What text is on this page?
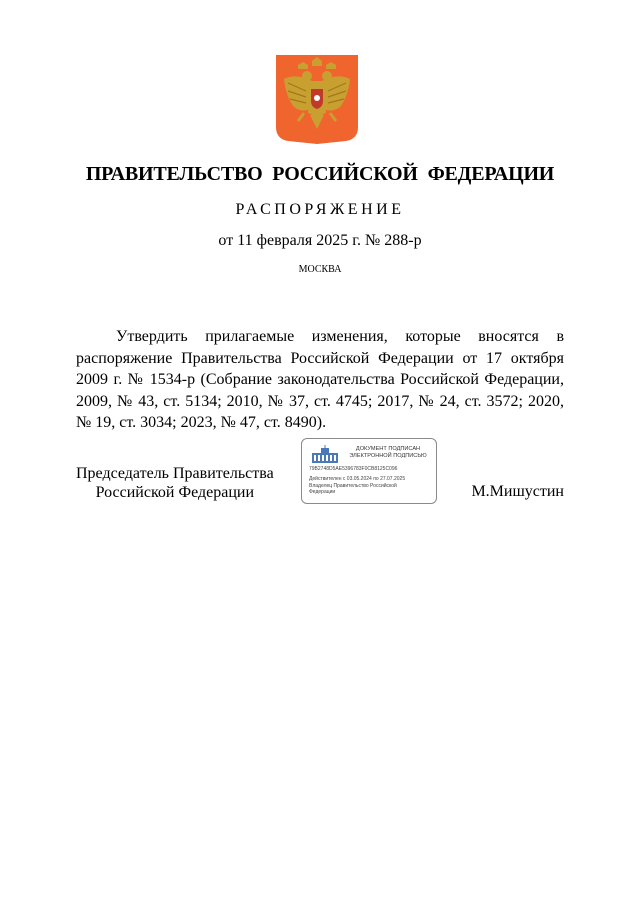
ПРАВИТЕЛЬСТВО РОССИЙСКОЙ ФЕДЕРАЦИИ
РАСПОРЯЖЕНИЕ
от 11 февраля 2025 г. № 288-р
МОСКВА
Утвердить прилагаемые изменения, которые вносятся в распоряжение Правительства Российской Федерации от 17 октября 2009 г. № 1534-р (Собрание законодательства Российской Федерации, 2009, № 43, ст. 5134; 2010, № 37, ст. 4745; 2017, № 24, ст. 3572; 2020, № 19, ст. 3034; 2023, № 47, ст. 8490).
Председатель Правительства
Российской Федерации
ДОКУМЕНТ ПОДПИСАН
ЭЛЕКТРОННОЙ ПОДПИСЬЮ
79B2748D5AE5396783F0CB8125C096
Действителен с 03.05.2024 по 27.07.2025
Владелец Правительство Российской
Федерации	М.Мишустин
